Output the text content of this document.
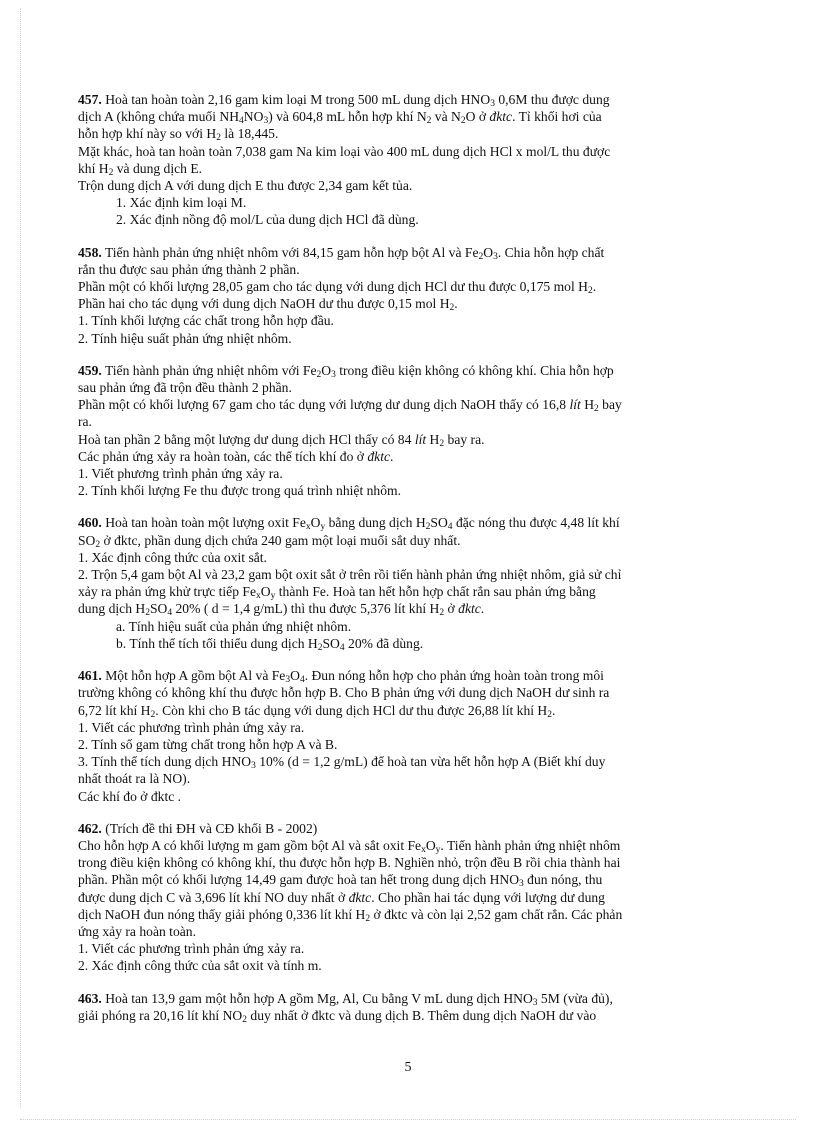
457. Hoà tan hoàn toàn 2,16 gam kim loại M trong 500 mL dung dịch $HNO_3$ 0,6M thu được dung
dịch A (không chứa muối $NH_4NO_3$) và 604,8 mL hỗn hợp khí $N_2$ và $N_2O$ ở đktc. Tỉ khối hơi của
hỗn hợp khí này so với $H_2$ là 18,445.
Mặt khác, hoà tan hoàn toàn 7,038 gam Na kim loại vào 400 mL dung dịch HCl x mol/L thu được
khí $H_2$ và dung dịch E.
Trộn dung dịch A với dung dịch E thu được 2,34 gam kết tủa.
1. Xác định kim loại M.
2. Xác định nồng độ mol/L của dung dịch HCl đã dùng.
458. Tiến hành phản ứng nhiệt nhôm với 84,15 gam hỗn hợp bột Al và $Fe_2O_3$. Chia hỗn hợp chất
rắn thu được sau phản ứng thành 2 phần.
Phần một có khối lượng 28,05 gam cho tác dụng với dung dịch HCl dư thu được 0,175 mol $H_2$.
Phần hai cho tác dụng với dung dịch NaOH dư thu được 0,15 mol $H_2$.
1. Tính khối lượng các chất trong hỗn hợp đầu.
2. Tính hiệu suất phản ứng nhiệt nhôm.
459. Tiến hành phản ứng nhiệt nhôm với $Fe_2O_3$ trong điều kiện không có không khí. Chia hỗn hợp
sau phản ứng đã trộn đều thành 2 phần.
Phần một có khối lượng 67 gam cho tác dụng với lượng dư dung dịch NaOH thấy có 16,8 lít $H_2$ bay
ra.
Hoà tan phần 2 bằng một lượng dư dung dịch HCl thấy có 84 lít $H_2$ bay ra.
Các phản ứng xảy ra hoàn toàn, các thể tích khí đo ở đktc.
1. Viết phương trình phản ứng xảy ra.
2. Tính khối lượng Fe thu được trong quá trình nhiệt nhôm.
460. Hoà tan hoàn toàn một lượng oxit $Fe_xO_y$ bằng dung dịch $H_2SO_4$ đặc nóng thu được 4,48 lít khí
$SO_2$ ở đktc, phần dung dịch chứa 240 gam một loại muối sắt duy nhất.
1. Xác định công thức của oxit sắt.
2. Trộn 5,4 gam bột Al và 23,2 gam bột oxit sắt ở trên rồi tiến hành phản ứng nhiệt nhôm, giả sử chỉ
xảy ra phản ứng khử trực tiếp $Fe_xO_y$ thành Fe. Hoà tan hết hỗn hợp chất rắn sau phản ứng bằng
dung dịch $H_2SO_4$ 20% ( d = 1,4 g/mL) thì thu được 5,376 lít khí $H_2$ ở đktc.
a. Tính hiệu suất của phản ứng nhiệt nhôm.
b. Tính thể tích tối thiểu dung dịch $H_2SO_4$ 20% đã dùng.
461. Một hỗn hợp A gồm bột Al và $Fe_3O_4$. Đun nóng hỗn hợp cho phản ứng hoàn toàn trong môi
trường không có không khí thu được hỗn hợp B. Cho B phản ứng với dung dịch NaOH dư sinh ra
6,72 lít khí $H_2$. Còn khi cho B tác dụng với dung dịch HCl dư thu được 26,88 lít khí $H_2$.
1. Viết các phương trình phản ứng xảy ra.
2. Tính số gam từng chất trong hỗn hợp A và B.
3. Tính thể tích dung dịch $HNO_3$ 10% (d = 1,2 g/mL) để hoà tan vừa hết hỗn hợp A (Biết khí duy
nhất thoát ra là NO).
Các khí đo ở đktc .
462. (Trích đề thi ĐH và CĐ khối B - 2002)
Cho hỗn hợp A có khối lượng m gam gồm bột Al và sắt oxit $Fe_xO_y$. Tiến hành phản ứng nhiệt nhôm
trong điều kiện không có không khí, thu được hỗn hợp B. Nghiền nhỏ, trộn đều B rồi chia thành hai
phần. Phần một có khối lượng 14,49 gam được hoà tan hết trong dung dịch $HNO_3$ đun nóng, thu
được dung dịch C và 3,696 lít khí NO duy nhất ở đktc. Cho phần hai tác dụng với lượng dư dung
dịch NaOH đun nóng thấy giải phóng 0,336 lít khí $H_2$ ở đktc và còn lại 2,52 gam chất rắn. Các phản
ứng xảy ra hoàn toàn.
1. Viết các phương trình phản ứng xảy ra.
2. Xác định công thức của sắt oxit và tính m.
463. Hoà tan 13,9 gam một hỗn hợp A gồm Mg, Al, Cu bằng V mL dung dịch $HNO_3$ 5M (vừa đủ),
giải phóng ra 20,16 lít khí $NO_2$ duy nhất ở đktc và dung dịch B. Thêm dung dịch NaOH dư vào
5
